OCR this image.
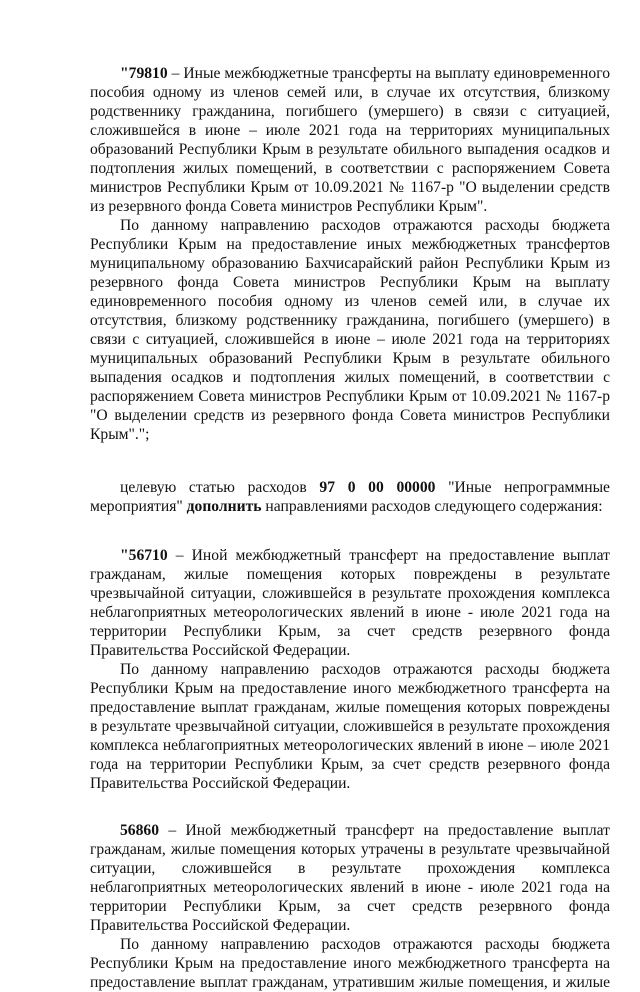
"79810 – Иные межбюджетные трансферты на выплату единовременного пособия одному из членов семей или, в случае их отсутствия, близкому родственнику гражданина, погибшего (умершего) в связи с ситуацией, сложившейся в июне – июле 2021 года на территориях муниципальных образований Республики Крым в результате обильного выпадения осадков и подтопления жилых помещений, в соответствии с распоряжением Совета министров Республики Крым от 10.09.2021 № 1167-р "О выделении средств из резервного фонда Совета министров Республики Крым".

По данному направлению расходов отражаются расходы бюджета Республики Крым на предоставление иных межбюджетных трансфертов муниципальному образованию Бахчисарайский район Республики Крым из резервного фонда Совета министров Республики Крым на выплату единовременного пособия одному из членов семей или, в случае их отсутствия, близкому родственнику гражданина, погибшего (умершего) в связи с ситуацией, сложившейся в июне – июле 2021 года на территориях муниципальных образований Республики Крым в результате обильного выпадения осадков и подтопления жилых помещений, в соответствии с распоряжением Совета министров Республики Крым от 10.09.2021 № 1167-р "О выделении средств из резервного фонда Совета министров Республики Крым".";

целевую статью расходов 97 0 00 00000 "Иные непрограммные мероприятия" дополнить направлениями расходов следующего содержания:

"56710 – Иной межбюджетный трансферт на предоставление выплат гражданам, жилые помещения которых повреждены в результате чрезвычайной ситуации, сложившейся в результате прохождения комплекса неблагоприятных метеорологических явлений в июне - июле 2021 года на территории Республики Крым, за счет средств резервного фонда Правительства Российской Федерации.

По данному направлению расходов отражаются расходы бюджета Республики Крым на предоставление иного межбюджетного трансферта на предоставление выплат гражданам, жилые помещения которых повреждены в результате чрезвычайной ситуации, сложившейся в результате прохождения комплекса неблагоприятных метеорологических явлений в июне – июле 2021 года на территории Республики Крым, за счет средств резервного фонда Правительства Российской Федерации.

56860 – Иной межбюджетный трансферт на предоставление выплат гражданам, жилые помещения которых утрачены в результате чрезвычайной ситуации, сложившейся в результате прохождения комплекса неблагоприятных метеорологических явлений в июне - июле 2021 года на территории Республики Крым, за счет средств резервного фонда Правительства Российской Федерации.

По данному направлению расходов отражаются расходы бюджета Республики Крым на предоставление иного межбюджетного трансферта на предоставление выплат гражданам, утратившим жилые помещения, и жилые
